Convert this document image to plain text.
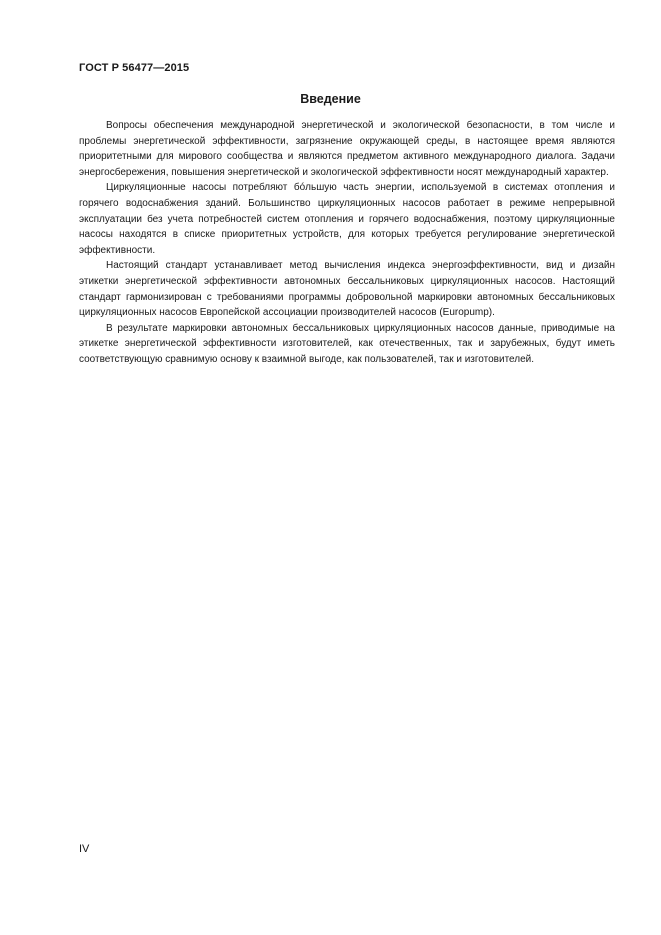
ГОСТ Р 56477—2015
Введение

Вопросы обеспечения международной энергетической и экологической безопасности, в том числе и проблемы энергетической эффективности, загрязнение окружающей среды, в настоящее время являются приоритетными для мирового сообщества и являются предметом активного международного диалога. Задачи энергосбережения, повышения энергетической и экологической эффективности носят международный характер.

Циркуляционные насосы потребляют бóльшую часть энергии, используемой в системах отопления и горячего водоснабжения зданий. Большинство циркуляционных насосов работает в режиме непрерывной эксплуатации без учета потребностей систем отопления и горячего водоснабжения, поэтому циркуляционные насосы находятся в списке приоритетных устройств, для которых требуется регулирование энергетической эффективности.

Настоящий стандарт устанавливает метод вычисления индекса энергоэффективности, вид и дизайн этикетки энергетической эффективности автономных бессальниковых циркуляционных насосов. Настоящий стандарт гармонизирован с требованиями программы добровольной маркировки автономных бессальниковых циркуляционных насосов Европейской ассоциации производителей насосов (Europump).

В результате маркировки автономных бессальниковых циркуляционных насосов данные, приводимые на этикетке энергетической эффективности изготовителей, как отечественных, так и зарубежных, будут иметь соответствующую сравнимую основу к взаимной выгоде, как пользователей, так и изготовителей.

IV
